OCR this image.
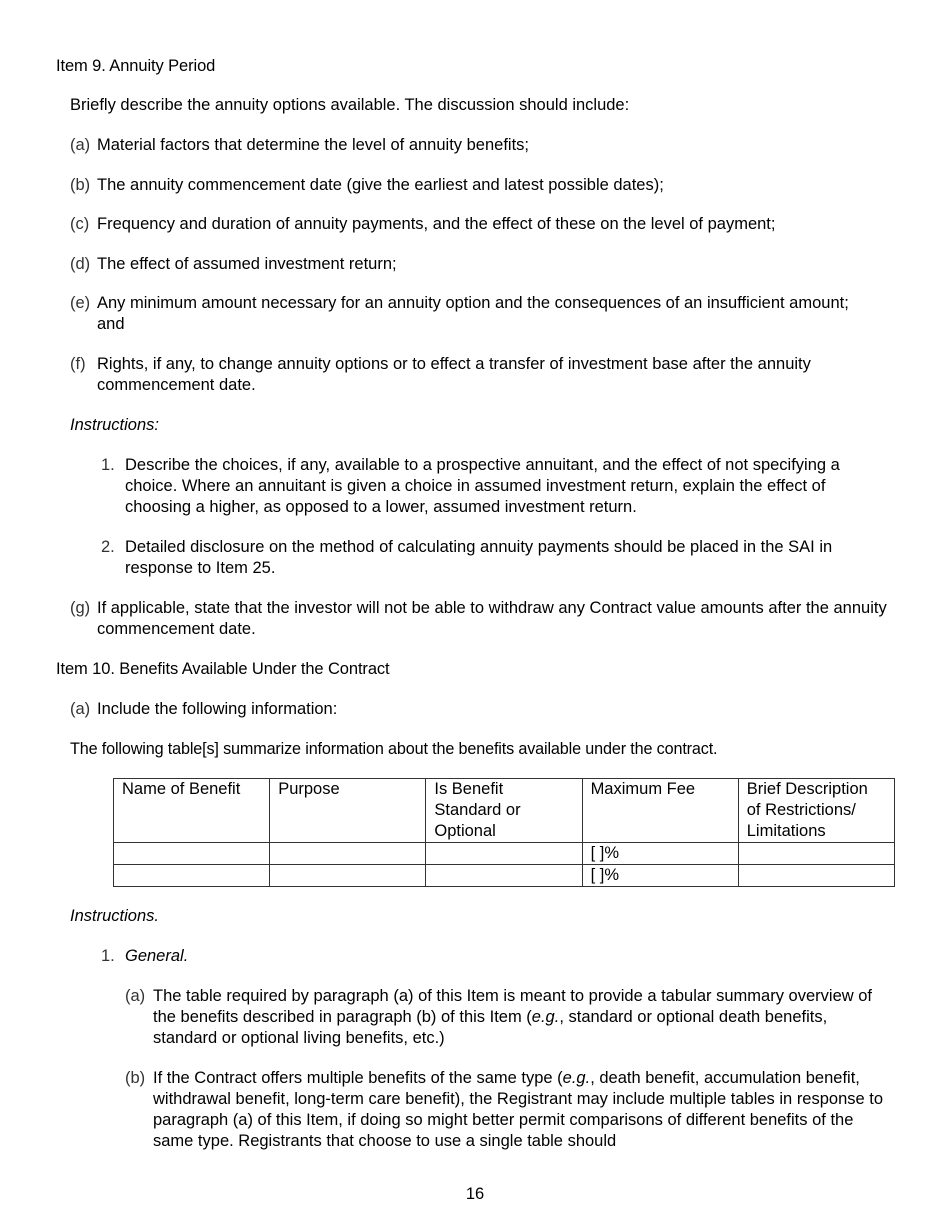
Item 9. Annuity Period
Briefly describe the annuity options available. The discussion should include:
(a) Material factors that determine the level of annuity benefits;
(b) The annuity commencement date (give the earliest and latest possible dates);
(c) Frequency and duration of annuity payments, and the effect of these on the level of payment;
(d) The effect of assumed investment return;
(e) Any minimum amount necessary for an annuity option and the consequences of an insufficient amount; and
(f) Rights, if any, to change annuity options or to effect a transfer of investment base after the annuity commencement date.
Instructions:
1. Describe the choices, if any, available to a prospective annuitant, and the effect of not specifying a choice. Where an annuitant is given a choice in assumed investment return, explain the effect of choosing a higher, as opposed to a lower, assumed investment return.
2. Detailed disclosure on the method of calculating annuity payments should be placed in the SAI in response to Item 25.
(g) If applicable, state that the investor will not be able to withdraw any Contract value amounts after the annuity commencement date.
Item 10. Benefits Available Under the Contract
(a) Include the following information:
The following table[s] summarize information about the benefits available under the contract.
Name of Benefit	Purpose	Is Benefit Standard or Optional	Maximum Fee	Brief Description of Restrictions/ Limitations
			[ ]%	
			[ ]%	
Instructions.
1. General.
(a) The table required by paragraph (a) of this Item is meant to provide a tabular summary overview of the benefits described in paragraph (b) of this Item (e.g., standard or optional death benefits, standard or optional living benefits, etc.)
(b) If the Contract offers multiple benefits of the same type (e.g., death benefit, accumulation benefit, withdrawal benefit, long-term care benefit), the Registrant may include multiple tables in response to paragraph (a) of this Item, if doing so might better permit comparisons of different benefits of the same type. Registrants that choose to use a single table should
16
